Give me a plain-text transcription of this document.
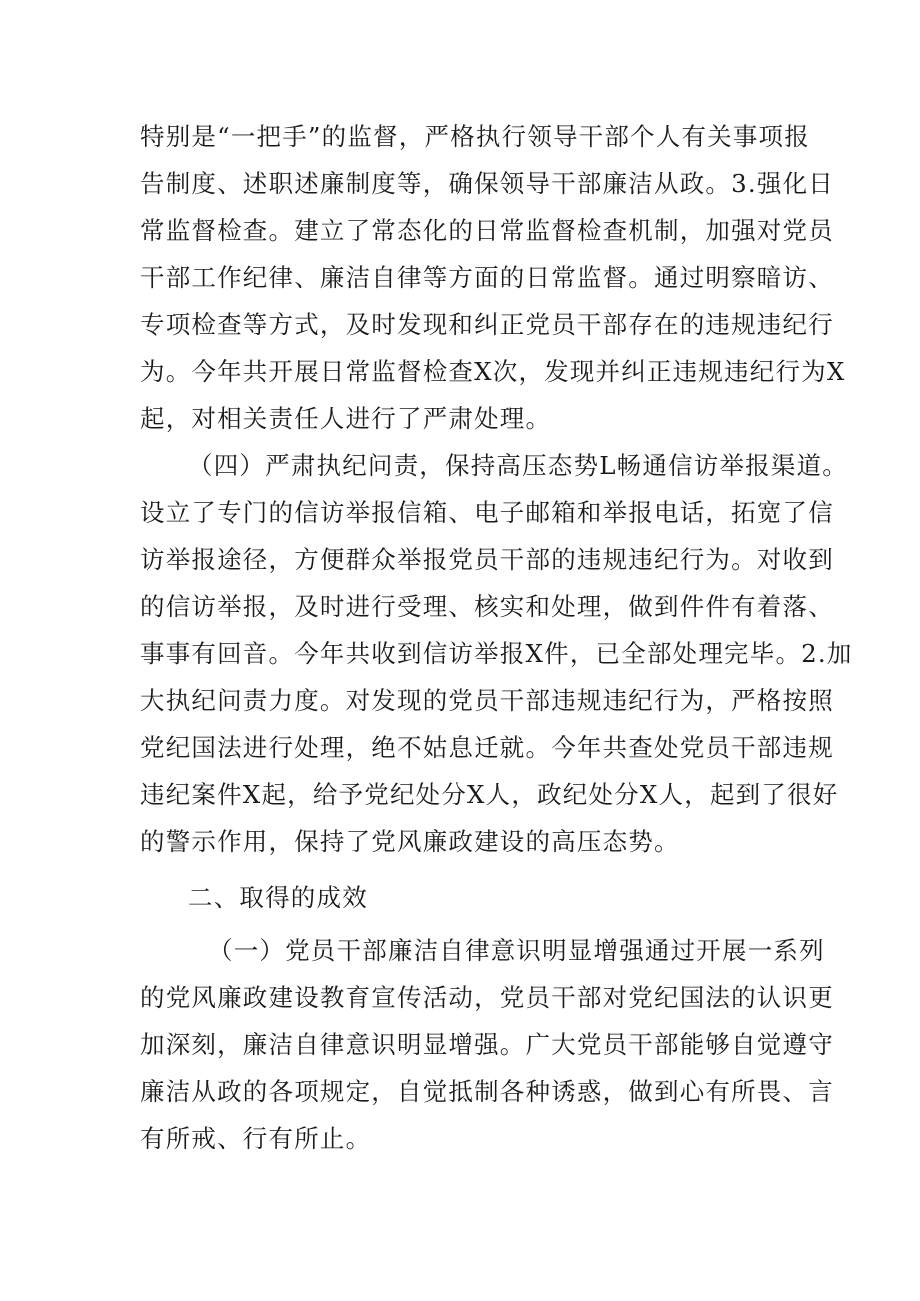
特别是“一把手”的监督，严格执行领导干部个人有关事项报
告制度、述职述廉制度等，确保领导干部廉洁从政。3.强化日
常监督检查。建立了常态化的日常监督检查机制，加强对党员
干部工作纪律、廉洁自律等方面的日常监督。通过明察暗访、
专项检查等方式，及时发现和纠正党员干部存在的违规违纪行
为。今年共开展日常监督检查X次，发现并纠正违规违纪行为X
起，对相关责任人进行了严肃处理。
（四）严肃执纪问责，保持高压态势L畅通信访举报渠道。
设立了专门的信访举报信箱、电子邮箱和举报电话，拓宽了信
访举报途径，方便群众举报党员干部的违规违纪行为。对收到
的信访举报，及时进行受理、核实和处理，做到件件有着落、
事事有回音。今年共收到信访举报X件，已全部处理完毕。2.加
大执纪问责力度。对发现的党员干部违规违纪行为，严格按照
党纪国法进行处理，绝不姑息迁就。今年共查处党员干部违规
违纪案件X起，给予党纪处分X人，政纪处分X人，起到了很好
的警示作用，保持了党风廉政建设的高压态势。
二、取得的成效
（一）党员干部廉洁自律意识明显增强通过开展一系列
的党风廉政建设教育宣传活动，党员干部对党纪国法的认识更
加深刻，廉洁自律意识明显增强。广大党员干部能够自觉遵守
廉洁从政的各项规定，自觉抵制各种诱惑，做到心有所畏、言
有所戒、行有所止。
